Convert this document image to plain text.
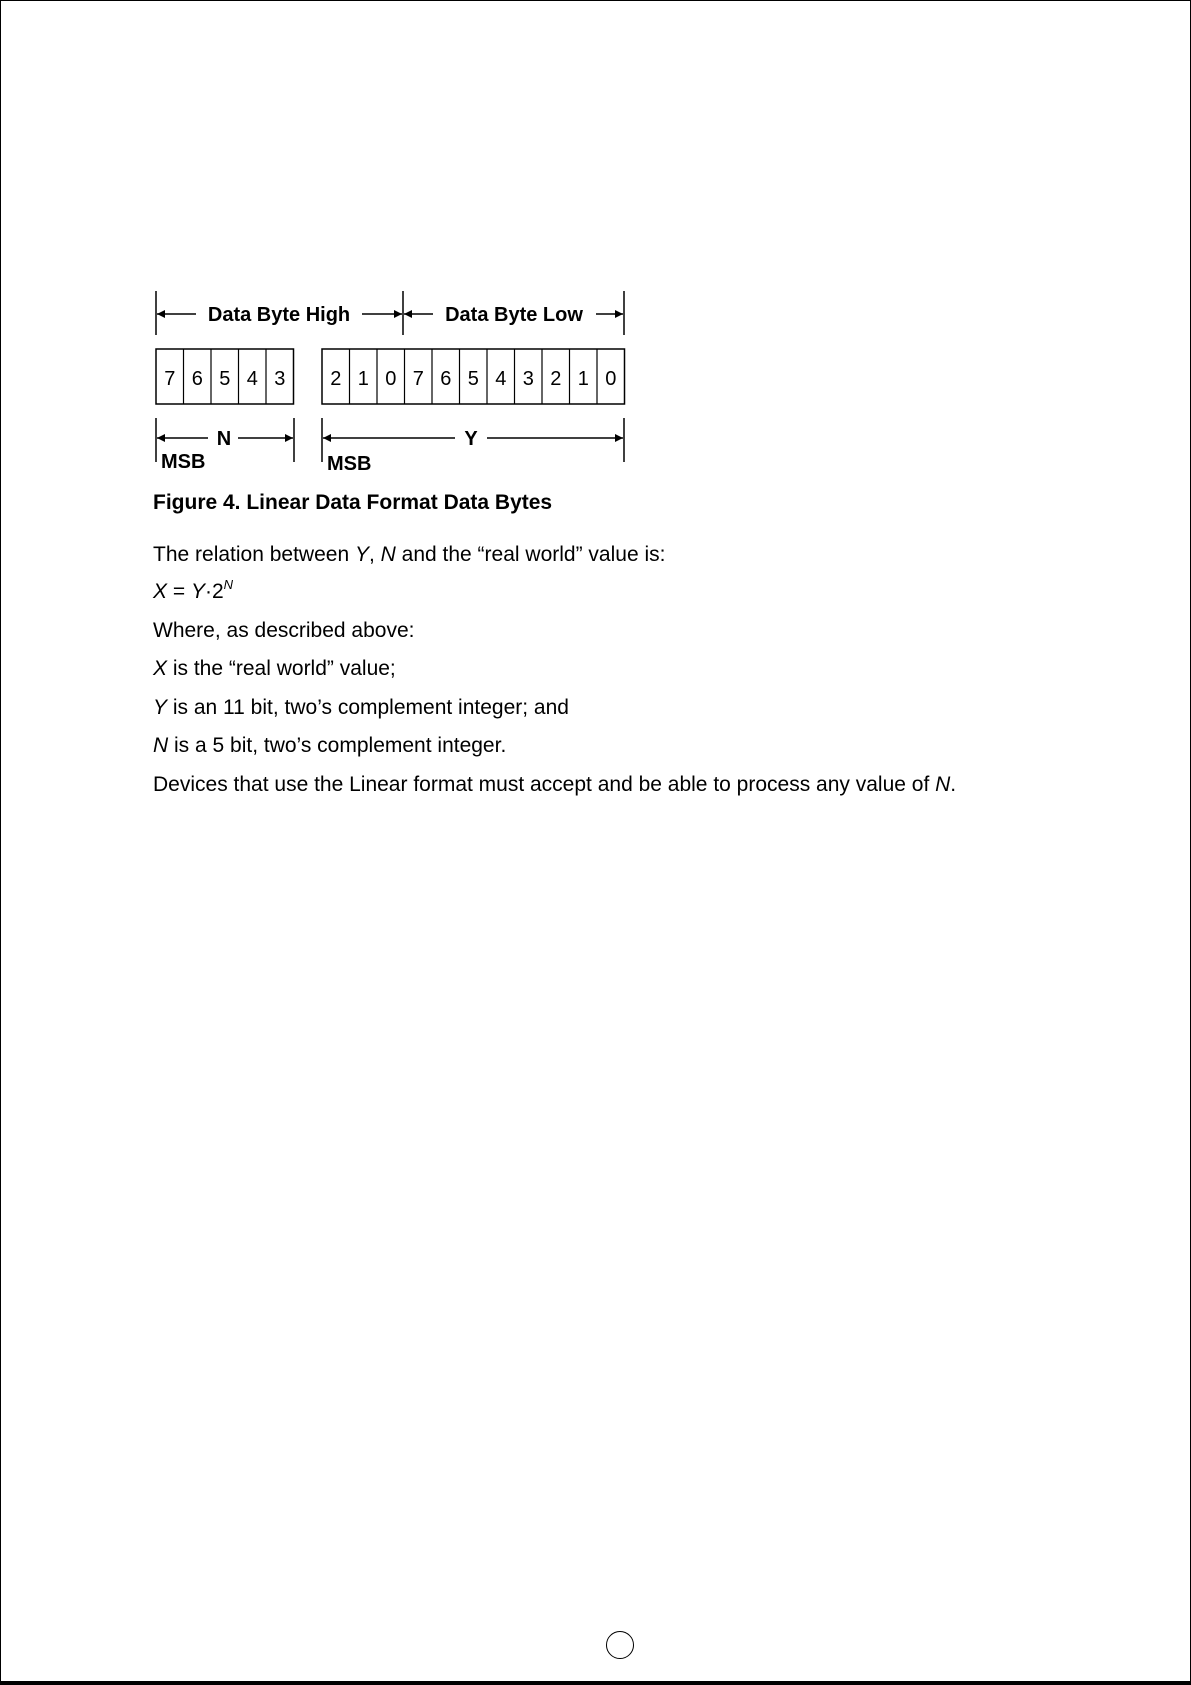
Data Byte High	Data Byte Low
7 6 5 4 3 2 1 0 7 6 5 4 3 2 1 0
N	Y
MSB	MSB
Figure 4. Linear Data Format Data Bytes
The relation between Y, N and the “real world” value is:
$X = Y\cdot 2^N$
Where, as described above:
X is the “real world” value;
Y is an 11 bit, two’s complement integer; and
N is a 5 bit, two’s complement integer.
Devices that use the Linear format must accept and be able to process any value of N.
